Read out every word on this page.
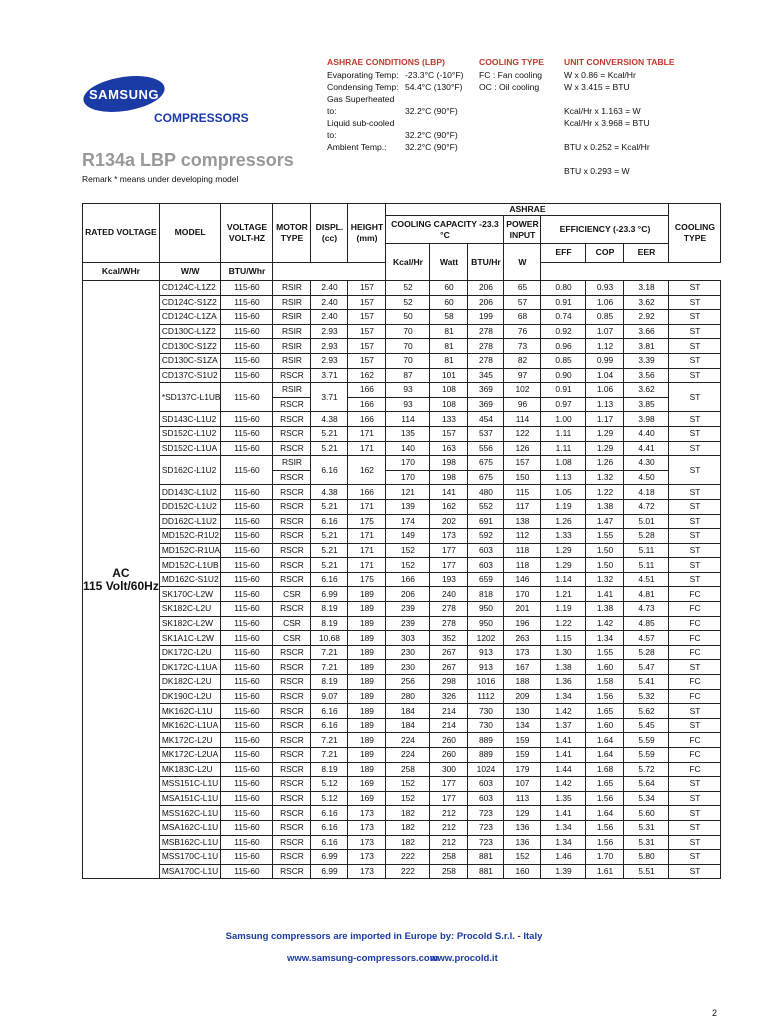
SAMSUNG
COMPRESSORS
ASHRAE CONDITIONS (LBP)
Evaporating Temp: -23.3°C (-10°F)
Condensing Temp: 54.4°C (130°F)
Gas Superheated to:	32.2°C (90°F)
Liquid sub-cooled to:	32.2°C (90°F)
Ambient Temp.: 32.2°C (90°F)
COOLING TYPE
FC : Fan cooling
OC : Oil cooling
UNIT CONVERSION TABLE
W x 0.86 = Kcal/Hr
W x 3.415 = BTU
Kcal/Hr x 1.163 = W
Kcal/Hr x 3.968 = BTU
BTU x 0.252 = Kcal/Hr
BTU x 0.293 = W
R134a LBP compressors
Remark * means under developing model
RATED VOLTAGE	MODEL	VOLTAGE VOLT-HZ	MOTOR TYPE	DISPL. (cc)	HEIGHT (mm)	ASHRAE							COOLING TYPE
						COOLING CAPACITY -23.3 °C			POWER INPUT	EFFICIENCY (-23.3 °C)			
						Kcal/Hr	Watt	BTU/Hr	W	EFF	COP	EER	
Kcal/WHr	W/W	BTU/Whr											

AC
115 Volt/60Hz	CD124C-L1Z2	115-60	RSIR	2.40	157	52	60	206	65	0.80	0.93	3.18	ST
	CD124C-S1Z2	115-60	RSIR	2.40	157	52	60	206	57	0.91	1.06	3.62	ST
	CD124C-L1ZA	115-60	RSIR	2.40	157	50	58	199	68	0.74	0.85	2.92	ST
	CD130C-L1Z2	115-60	RSIR	2.93	157	70	81	278	76	0.92	1.07	3.66	ST
	CD130C-S1Z2	115-60	RSIR	2.93	157	70	81	278	73	0.96	1.12	3.81	ST
	CD130C-S1ZA	115-60	RSIR	2.93	157	70	81	278	82	0.85	0.99	3.39	ST
	CD137C-S1U2	115-60	RSCR	3.71	162	87	101	345	97	0.90	1.04	3.56	ST
	*SD137C-L1UB	115-60	RSIR	3.71	166	93	108	369	102	0.91	1.06	3.62	ST
			RSCR		166	93	108	369	96	0.97	1.13	3.85	
	SD143C-L1U2	115-60	RSCR	4.38	166	114	133	454	114	1.00	1.17	3.98	ST
	SD152C-L1U2	115-60	RSCR	5.21	171	135	157	537	122	1.11	1.29	4.40	ST
	SD152C-L1UA	115-60	RSCR	5.21	171	140	163	556	126	1.11	1.29	4.41	ST
	SD162C-L1U2	115-60	RSIR	6.16	162	170	198	675	157	1.08	1.26	4.30	ST
			RSCR			170	198	675	150	1.13	1.32	4.50	
	DD143C-L1U2	115-60	RSCR	4.38	166	121	141	480	115	1.05	1.22	4.18	ST
	DD152C-L1U2	115-60	RSCR	5.21	171	139	162	552	117	1.19	1.38	4.72	ST
	DD162C-L1U2	115-60	RSCR	6.16	175	174	202	691	138	1.26	1.47	5.01	ST
	MD152C-R1U2	115-60	RSCR	5.21	171	149	173	592	112	1.33	1.55	5.28	ST
	MD152C-R1UA	115-60	RSCR	5.21	171	152	177	603	118	1.29	1.50	5.11	ST
	MD152C-L1UB	115-60	RSCR	5.21	171	152	177	603	118	1.29	1.50	5.11	ST
	MD162C-S1U2	115-60	RSCR	6.16	175	166	193	659	146	1.14	1.32	4.51	ST
	SK170C-L2W	115-60	CSR	6.99	189	206	240	818	170	1.21	1.41	4.81	FC
	SK182C-L2U	115-60	RSCR	8.19	189	239	278	950	201	1.19	1.38	4.73	FC
	SK182C-L2W	115-60	CSR	8.19	189	239	278	950	196	1.22	1.42	4.85	FC
	SK1A1C-L2W	115-60	CSR	10.68	189	303	352	1202	263	1.15	1.34	4.57	FC
	DK172C-L2U	115-60	RSCR	7.21	189	230	267	913	173	1.30	1.55	5.28	FC
	DK172C-L1UA	115-60	RSCR	7.21	189	230	267	913	167	1.38	1.60	5.47	ST
	DK182C-L2U	115-60	RSCR	8.19	189	256	298	1016	188	1.36	1.58	5.41	FC
	DK190C-L2U	115-60	RSCR	9.07	189	280	326	1112	209	1.34	1.56	5.32	FC
	MK162C-L1U	115-60	RSCR	6.16	189	184	214	730	130	1.42	1.65	5.62	ST
	MK162C-L1UA	115-60	RSCR	6.16	189	184	214	730	134	1.37	1.60	5.45	ST
	MK172C-L2U	115-60	RSCR	7.21	189	224	260	889	159	1.41	1.64	5.59	FC
	MK172C-L2UA	115-60	RSCR	7.21	189	224	260	889	159	1.41	1.64	5.59	FC
	MK183C-L2U	115-60	RSCR	8.19	189	258	300	1024	179	1.44	1.68	5.72	FC
	MSS151C-L1U	115-60	RSCR	5.12	169	152	177	603	107	1.42	1.65	5.64	ST
	MSA151C-L1U	115-60	RSCR	5.12	169	152	177	603	113	1.35	1.56	5.34	ST
	MSS162C-L1U	115-60	RSCR	6.16	173	182	212	723	129	1.41	1.64	5.60	ST
	MSA162C-L1U	115-60	RSCR	6.16	173	182	212	723	136	1.34	1.56	5.31	ST
	MSB162C-L1U	115-60	RSCR	6.16	173	182	212	723	136	1.34	1.56	5.31	ST
	MSS170C-L1U	115-60	RSCR	6.99	173	222	258	881	152	1.46	1.70	5.80	ST
	MSA170C-L1U	115-60	RSCR	6.99	173	222	258	881	160	1.39	1.61	5.51	ST
Samsung compressors are imported in Europe by: Procold S.r.l. - Italy
www.samsung-compressors.com
www.procold.it
2
